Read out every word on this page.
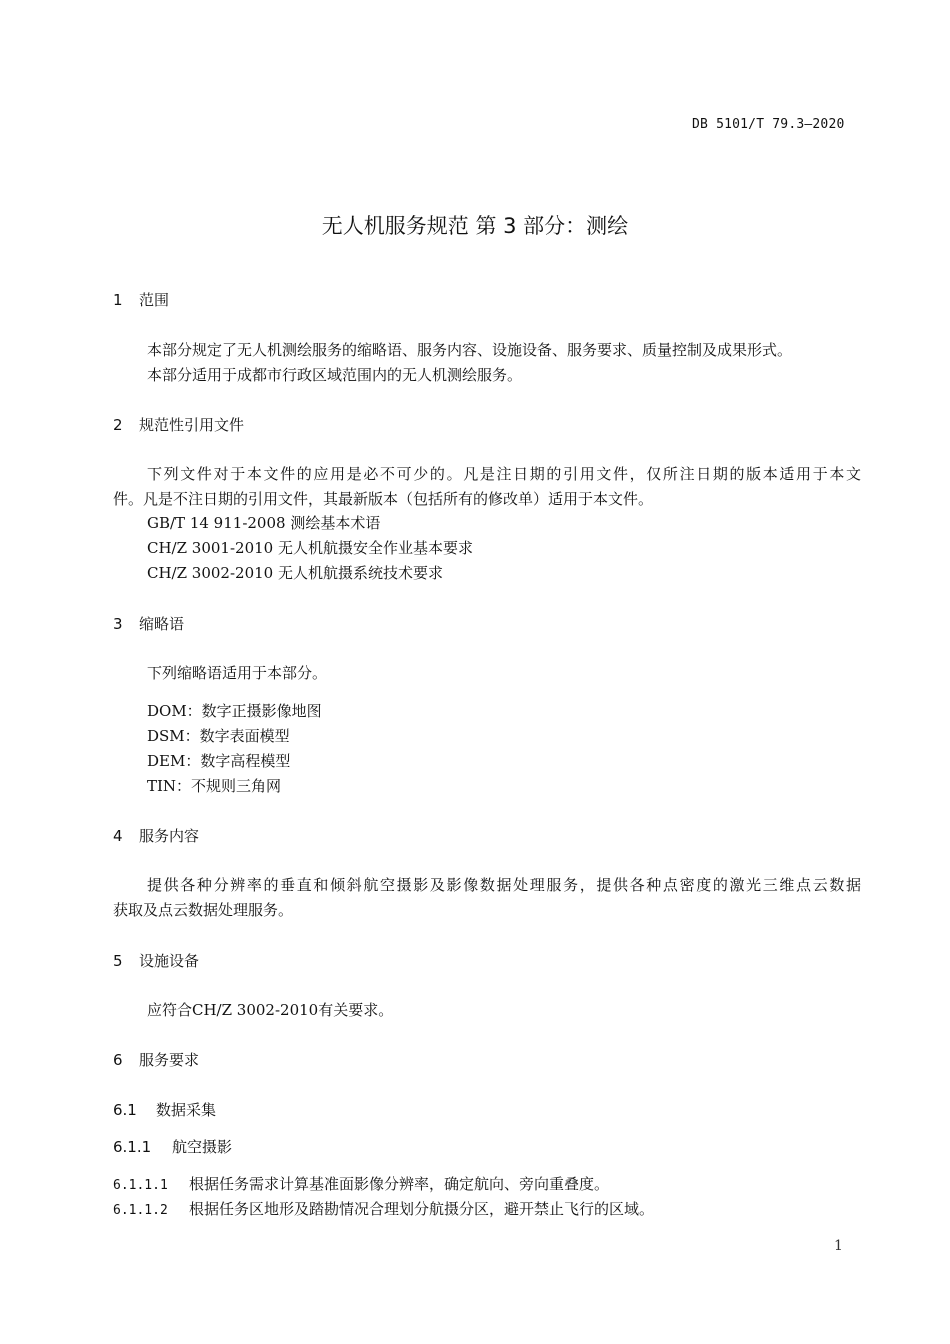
DB 5101/T 79.3—2020
无人机服务规范 第 3 部分：测绘
1 范围
本部分规定了无人机测绘服务的缩略语、服务内容、设施设备、服务要求、质量控制及成果形式。
本部分适用于成都市行政区域范围内的无人机测绘服务。
2 规范性引用文件
下列文件对于本文件的应用是必不可少的。凡是注日期的引用文件，仅所注日期的版本适用于本文
件。凡是不注日期的引用文件，其最新版本（包括所有的修改单）适用于本文件。
GB/T 14 911-2008 测绘基本术语
CH/Z 3001-2010 无人机航摄安全作业基本要求
CH/Z 3002-2010 无人机航摄系统技术要求
3 缩略语
下列缩略语适用于本部分。
DOM：数字正摄影像地图
DSM：数字表面模型
DEM：数字高程模型
TIN：不规则三角网
4 服务内容
提供各种分辨率的垂直和倾斜航空摄影及影像数据处理服务，提供各种点密度的激光三维点云数据
获取及点云数据处理服务。
5 设施设备
应符合CH/Z 3002-2010有关要求。
6 服务要求
6.1 数据采集
6.1.1 航空摄影
6.1.1.1 根据任务需求计算基准面影像分辨率，确定航向、旁向重叠度。
6.1.1.2 根据任务区地形及踏勘情况合理划分航摄分区，避开禁止飞行的区域。
1
